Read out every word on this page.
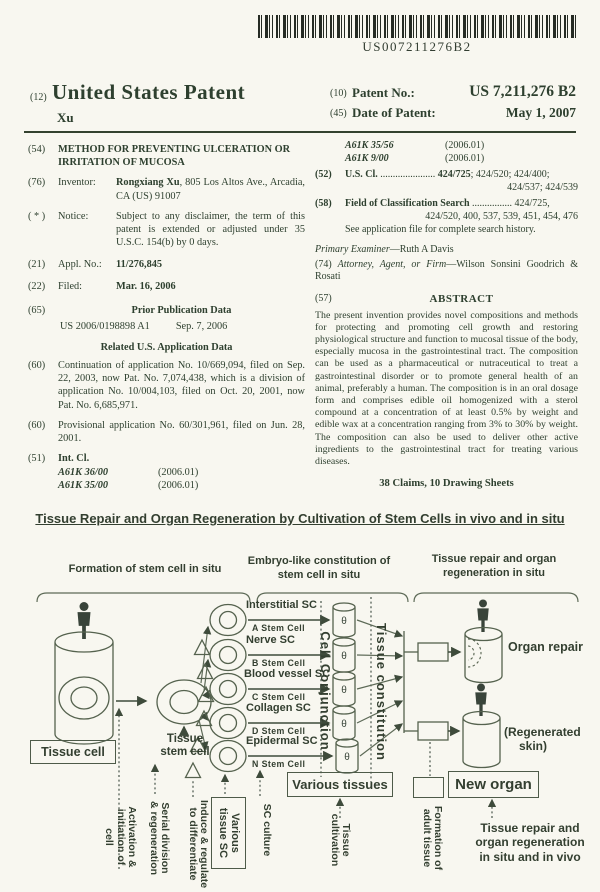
US007211276B2
(12) United States Patent
Xu
(10) Patent No.:	US 7,211,276 B2
(45) Date of Patent:	May 1, 2007
(54)	METHOD FOR PREVENTING ULCERATION OR IRRITATION OF MUCOSA
(76)	Inventor:	Rongxiang Xu, 805 Los Altos Ave., Arcadia, CA (US) 91007
( * )	Notice:	Subject to any disclaimer, the term of this patent is extended or adjusted under 35 U.S.C. 154(b) by 0 days.
(21)	Appl. No.: 11/276,845
(22)	Filed:	Mar. 16, 2006
(65)	Prior Publication Data
US 2006/0198898 A1	Sep. 7, 2006
Related U.S. Application Data
(60)	Continuation of application No. 10/669,094, filed on Sep. 22, 2003, now Pat. No. 7,074,438, which is a division of application No. 10/004,103, filed on Oct. 20, 2001, now Pat. No. 6,685,971.
(60)	Provisional application No. 60/301,961, filed on Jun. 28, 2001.
(51)	Int. Cl.
A61K 36/00	(2006.01)
A61K 35/00	(2006.01)
A61K 35/56	(2006.01)
A61K 9/00	(2006.01)
(52)	U.S. Cl. ...................... 424/725; 424/520; 424/400;
424/537; 424/539
(58)	Field of Classification Search ................ 424/725,
424/520, 400, 537, 539, 451, 454, 476
See application file for complete search history.
Primary Examiner—Ruth A Davis
(74) Attorney, Agent, or Firm—Wilson Sonsini Goodrich & Rosati
(57)	ABSTRACT
The present invention provides novel compositions and methods for protecting and promoting cell growth and restoring physiological structure and function to mucosal tissue of the body, especially mucosa in the gastrointestinal tract. The composition can be used as a pharmaceutical or nutraceutical to treat a gastrointestinal disorder or to promote general health of an animal, preferably a human. The composition is in an oral dosage form and comprises edible oil homogenized with a sterol compound at a concentration of at least 0.5% by weight and edible wax at a concentration ranging from 3% to 30% by weight. The composition can also be used to deliver other active ingredients to the gastrointestinal tract for treating various diseases.
38 Claims, 10 Drawing Sheets
Tissue Repair and Organ Regeneration by Cultivation of Stem Cells in vivo and in situ
Formation of stem cell in situ
Embryo-like constitution of
stem cell in situ
Tissue repair and organ
regeneration in situ
θ
θ
θ
θ
θ
Interstitial SC
A Stem Cell
Nerve SC
B Stem Cell
Blood vessel SC
C Stem Cell
Collagen SC
D Stem Cell
Epidermal SC
N Stem Cell
Cell Conjunction	Tissue constitution
Tissue
stem cell
Tissue cell
Various tissues	New organ
Organ repair
(Regenerated
skin)
Activation &
initiation of
cell	Serial division
& regeneration	Induce & regulate
to differentiate	Various
tissue SC	SC culture	Tissue
cultivation	Formation of
adult tissue	Tissue repair and
organ regeneration
in situ and in vivo
